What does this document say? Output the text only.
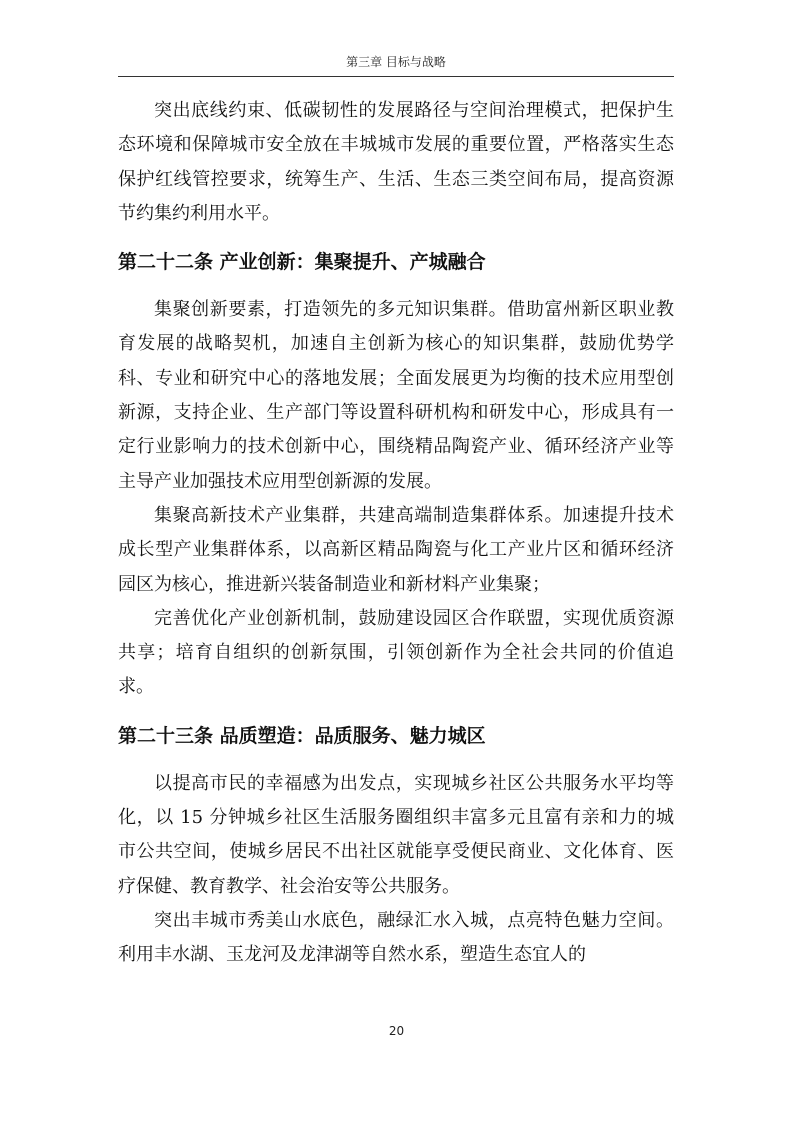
第三章 目标与战略

突出底线约束、低碳韧性的发展路径与空间治理模式，把保护生态环境和保障城市安全放在丰城城市发展的重要位置，严格落实生态保护红线管控要求，统筹生产、生活、生态三类空间布局，提高资源节约集约利用水平。

第二十二条 产业创新：集聚提升、产城融合

集聚创新要素，打造领先的多元知识集群。借助富州新区职业教育发展的战略契机，加速自主创新为核心的知识集群，鼓励优势学科、专业和研究中心的落地发展；全面发展更为均衡的技术应用型创新源，支持企业、生产部门等设置科研机构和研发中心，形成具有一定行业影响力的技术创新中心，围绕精品陶瓷产业、循环经济产业等主导产业加强技术应用型创新源的发展。

集聚高新技术产业集群，共建高端制造集群体系。加速提升技术成长型产业集群体系，以高新区精品陶瓷与化工产业片区和循环经济园区为核心，推进新兴装备制造业和新材料产业集聚；

完善优化产业创新机制，鼓励建设园区合作联盟，实现优质资源共享；培育自组织的创新氛围，引领创新作为全社会共同的价值追求。

第二十三条 品质塑造：品质服务、魅力城区

以提高市民的幸福感为出发点，实现城乡社区公共服务水平均等化，以 15 分钟城乡社区生活服务圈组织丰富多元且富有亲和力的城市公共空间，使城乡居民不出社区就能享受便民商业、文化体育、医疗保健、教育教学、社会治安等公共服务。

突出丰城市秀美山水底色，融绿汇水入城，点亮特色魅力空间。利用丰水湖、玉龙河及龙津湖等自然水系，塑造生态宜人的

20
